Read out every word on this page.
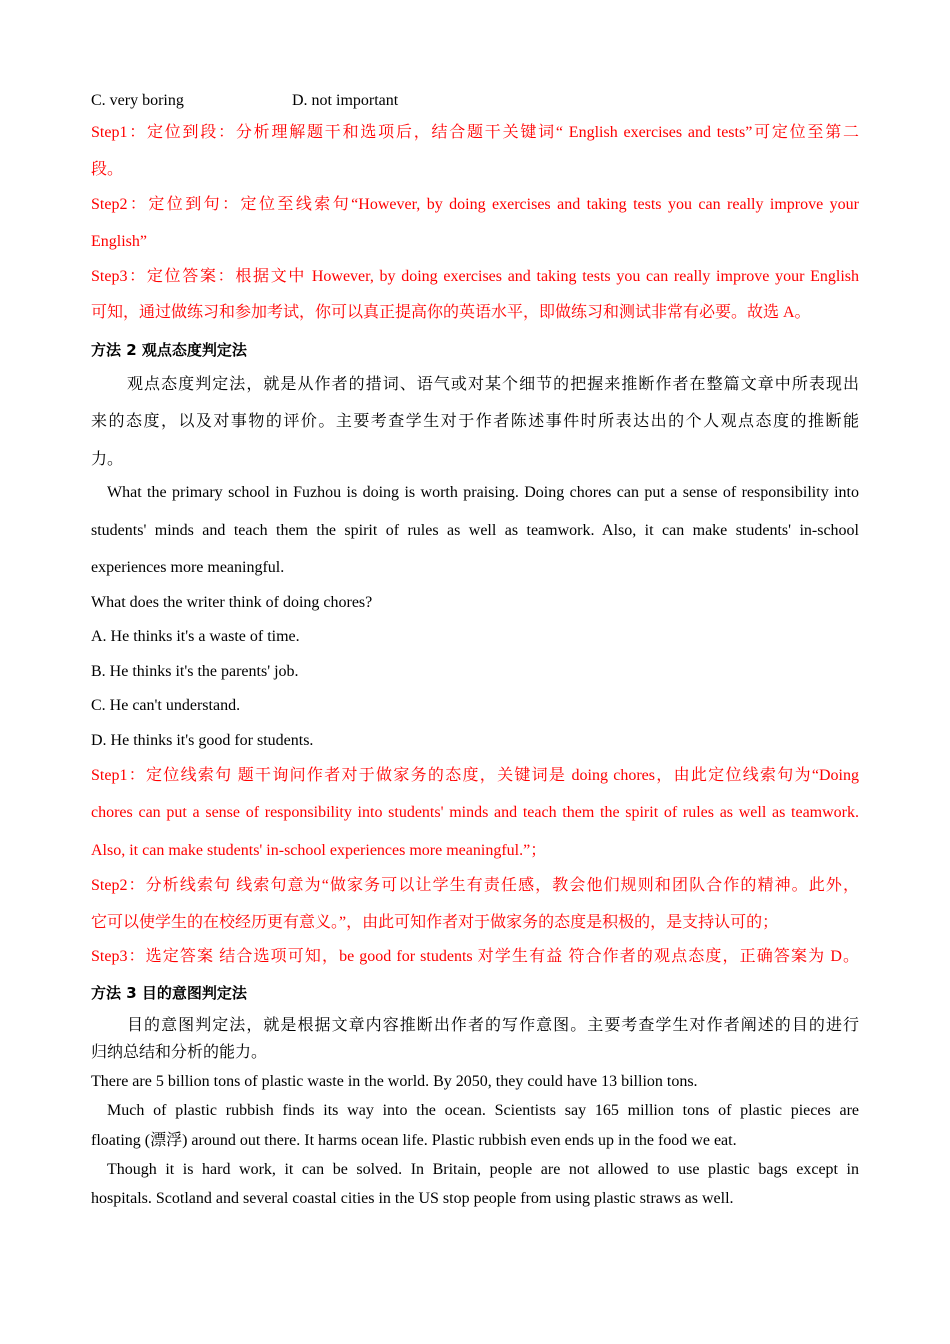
C. very boring	D. not important
Step1：定位到段：分析理解题干和选项后，结合题干关键词“ English exercises and tests”可定位至第二
段。
Step2：定位到句：定位至线索句“However, by doing exercises and taking tests you can really improve your
English”
Step3：定位答案：根据文中 However, by doing exercises and taking tests you can really improve your English
可知，通过做练习和参加考试，你可以真正提高你的英语水平，即做练习和测试非常有必要。故选 A。
方法 2 观点态度判定法
观点态度判定法，就是从作者的措词、语气或对某个细节的把握来推断作者在整篇文章中所表现出
来的态度，以及对事物的评价。主要考查学生对于作者陈述事件时所表达出的个人观点态度的推断能
力。
What the primary school in Fuzhou is doing is worth praising. Doing chores can put a sense of responsibility into
students' minds and teach them the spirit of rules as well as teamwork. Also, it can make students' in-school
experiences more meaningful.
What does the writer think of doing chores?
A. He thinks it's a waste of time.
B. He thinks it's the parents' job.
C. He can't understand.
D. He thinks it's good for students.
Step1：定位线索句 题干询问作者对于做家务的态度，关键词是 doing chores，由此定位线索句为“Doing
chores can put a sense of responsibility into students' minds and teach them the spirit of rules as well as teamwork.
Also, it can make students' in-school experiences more meaningful.”；
Step2：分析线索句 线索句意为“做家务可以让学生有责任感，教会他们规则和团队合作的精神。此外，
它可以使学生的在校经历更有意义。”，由此可知作者对于做家务的态度是积极的，是支持认可的；
Step3：选定答案 结合选项可知，be good for students 对学生有益 符合作者的观点态度，正确答案为 D。
方法 3 目的意图判定法
目的意图判定法，就是根据文章内容推断出作者的写作意图。主要考查学生对作者阐述的目的进行
归纳总结和分析的能力。
There are 5 billion tons of plastic waste in the world. By 2050, they could have 13 billion tons.
Much of plastic rubbish finds its way into the ocean. Scientists say 165 million tons of plastic pieces are
floating (漂浮) around out there. It harms ocean life. Plastic rubbish even ends up in the food we eat.
Though it is hard work, it can be solved. In Britain, people are not allowed to use plastic bags except in
hospitals. Scotland and several coastal cities in the US stop people from using plastic straws as well.
